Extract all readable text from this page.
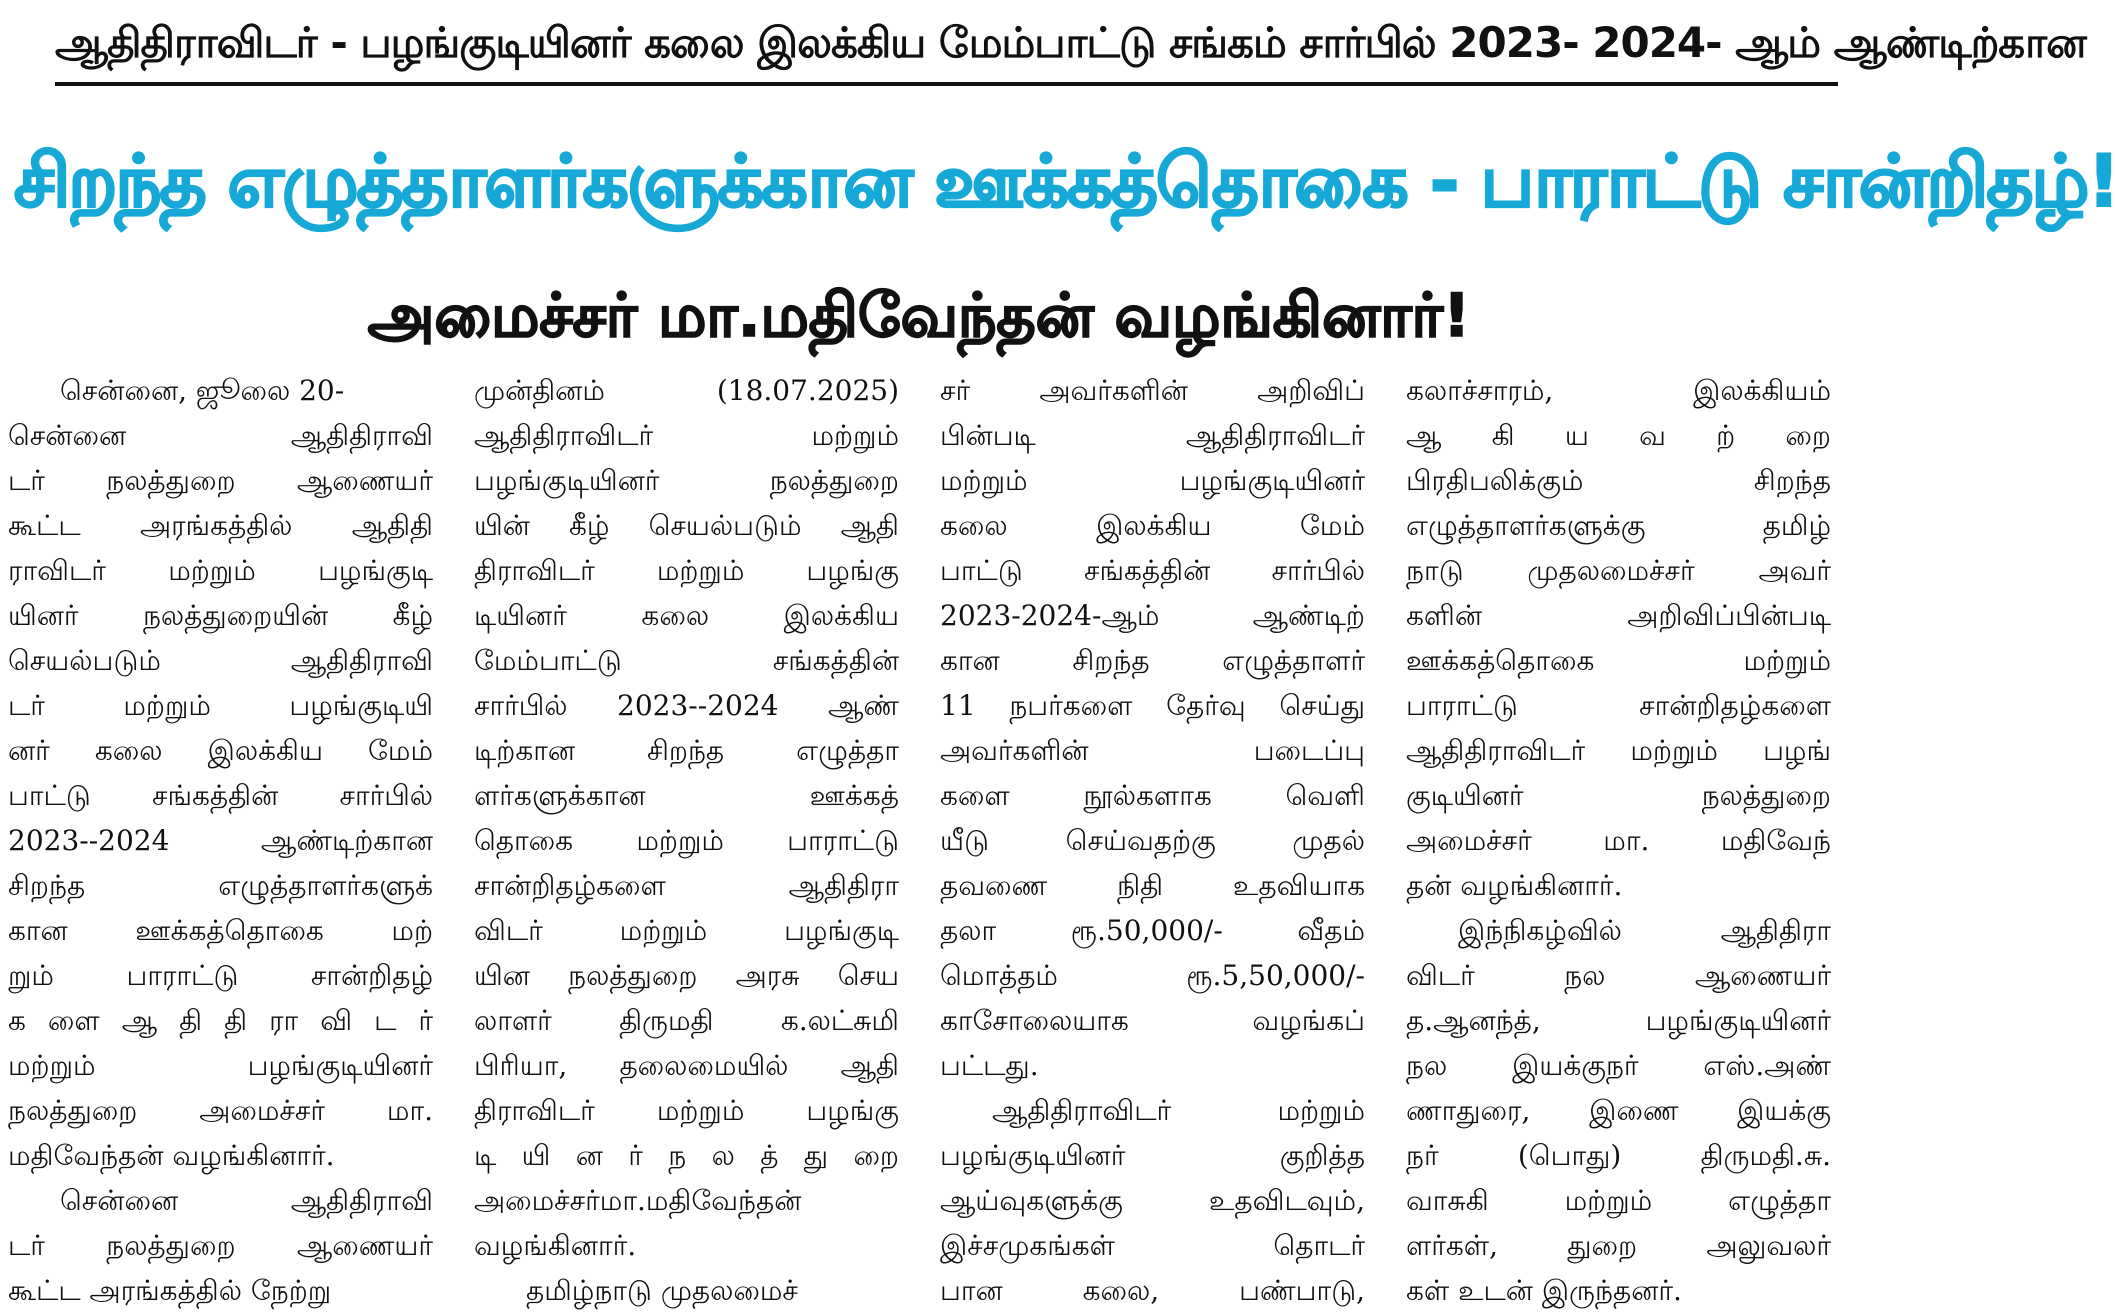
ஆதிதிராவிடர் - பழங்குடியினர் கலை இலக்கிய மேம்பாட்டு சங்கம் சார்பில் 2023- 2024- ஆம் ஆண்டிற்கான
சிறந்த எழுத்தாளர்களுக்கான ஊக்கத்தொகை - பாராட்டு சான்றிதழ்!
அமைச்சர் மா.மதிவேந்தன் வழங்கினார்!
சென்னை, ஜூலை 20-
சென்னை ஆதிதிராவி
டர் நலத்துறை ஆணையர்
கூட்ட அரங்கத்தில் ஆதிதி
ராவிடர் மற்றும் பழங்குடி
யினர் நலத்துறையின் கீழ்
செயல்படும் ஆதிதிராவி
டர் மற்றும் பழங்குடியி
னர் கலை இலக்கிய மேம்
பாட்டு சங்கத்தின் சார்பில்
2023--2024 ஆண்டிற்கான
சிறந்த எழுத்தாளர்களுக்
கான ஊக்கத்தொகை மற்
றும் பாராட்டு சான்றிதழ்
க ளை ஆ தி தி ரா வி ட ர்
மற்றும் பழங்குடியினர்
நலத்துறை அமைச்சர் மா.
மதிவேந்தன் வழங்கினார்.
சென்னை ஆதிதிராவி
டர் நலத்துறை ஆணையர்
கூட்ட அரங்கத்தில் நேற்று
முன்தினம் (18.07.2025)
ஆதிதிராவிடர் மற்றும்
பழங்குடியினர் நலத்துறை
யின் கீழ் செயல்படும் ஆதி
திராவிடர் மற்றும் பழங்கு
டியினர் கலை இலக்கிய
மேம்பாட்டு சங்கத்தின்
சார்பில் 2023--2024 ஆண்
டிற்கான சிறந்த எழுத்தா
ளர்களுக்கான ஊக்கத்
தொகை மற்றும் பாராட்டு
சான்றிதழ்களை ஆதிதிரா
விடர் மற்றும் பழங்குடி
யின நலத்துறை அரசு செய
லாளர் திருமதி க.லட்சுமி
பிரியா, தலைமையில் ஆதி
திராவிடர் மற்றும் பழங்கு
டி யி ன ர் ந ல த் து றை
அமைச்சர்மா.மதிவேந்தன்
வழங்கினார்.
தமிழ்நாடு முதலமைச்
சர் அவர்களின் அறிவிப்
பின்படி ஆதிதிராவிடர்
மற்றும் பழங்குடியினர்
கலை இலக்கிய மேம்
பாட்டு சங்கத்தின் சார்பில்
2023-2024-ஆம் ஆண்டிற்
கான சிறந்த எழுத்தாளர்
11 நபர்களை தேர்வு செய்து
அவர்களின் படைப்பு
களை நூல்களாக வெளி
யீடு செய்வதற்கு முதல்
தவணை நிதி உதவியாக
தலா ரூ.50,000/- வீதம்
மொத்தம் ரூ.5,50,000/-
காசோலையாக வழங்கப்
பட்டது.
ஆதிதிராவிடர் மற்றும்
பழங்குடியினர் குறித்த
ஆய்வுகளுக்கு உதவிடவும்,
இச்சமுகங்கள் தொடர்
பான கலை, பண்பாடு,
கலாச்சாரம், இலக்கியம்
ஆ கி ய வ ற் றை
பிரதிபலிக்கும் சிறந்த
எழுத்தாளர்களுக்கு தமிழ்
நாடு முதலமைச்சர் அவர்
களின் அறிவிப்பின்படி
ஊக்கத்தொகை மற்றும்
பாராட்டு சான்றிதழ்களை
ஆதிதிராவிடர் மற்றும் பழங்
குடியினர் நலத்துறை
அமைச்சர் மா. மதிவேந்
தன் வழங்கினார்.
இந்நிகழ்வில் ஆதிதிரா
விடர் நல ஆணையர்
த.ஆனந்த், பழங்குடியினர்
நல இயக்குநர் எஸ்.அண்
ணாதுரை, இணை இயக்கு
நர் (பொது) திருமதி.சு.
வாசுகி மற்றும் எழுத்தா
ளர்கள், துறை அலுவலர்
கள் உடன் இருந்தனர்.
